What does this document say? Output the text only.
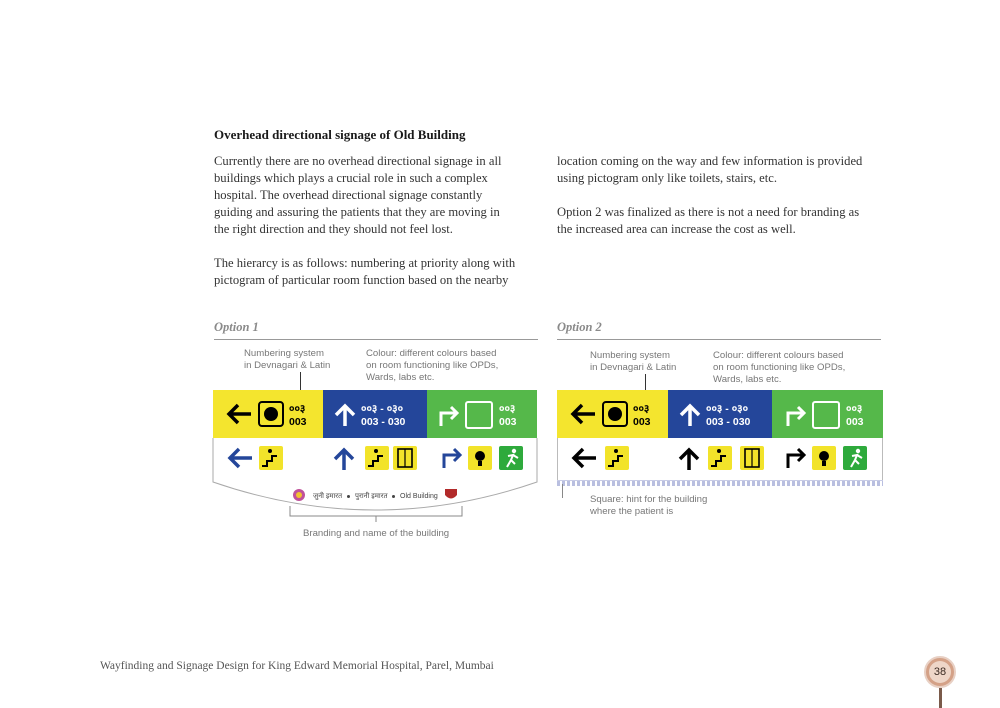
Overhead directional signage of Old Building
Currently there are no overhead directional signage in all
buildings which plays a crucial role in such a complex
hospital. The overhead directional signage constantly
guiding and assuring the patients that they are moving in
the right direction and they should not feel lost.
The hierarcy is as follows: numbering at priority along with
pictogram of particular room function based on the nearby
location coming on the way and few information is provided
using pictogram only like toilets, stairs, etc.
Option 2 was finalized as there is not a need for branding as
the increased area can increase the cost as well.
Option 1
Numbering system
in Devnagari & Latin
Colour: different colours based
on room functioning like OPDs,
Wards, labs etc.
००३
003
००३ - ०३०
003 - 030
००३
003
जुनी इमारत पुरानी इमारत Old Building
Branding and name of the building
Option 2
Numbering system
in Devnagari & Latin
Colour: different colours based
on room functioning like OPDs,
Wards, labs etc.
००३
003
००३ - ०३०
003 - 030
००३
003
Square: hint for the building
where the patient is
Wayfinding and Signage Design for King Edward Memorial Hospital, Parel, Mumbai	38
